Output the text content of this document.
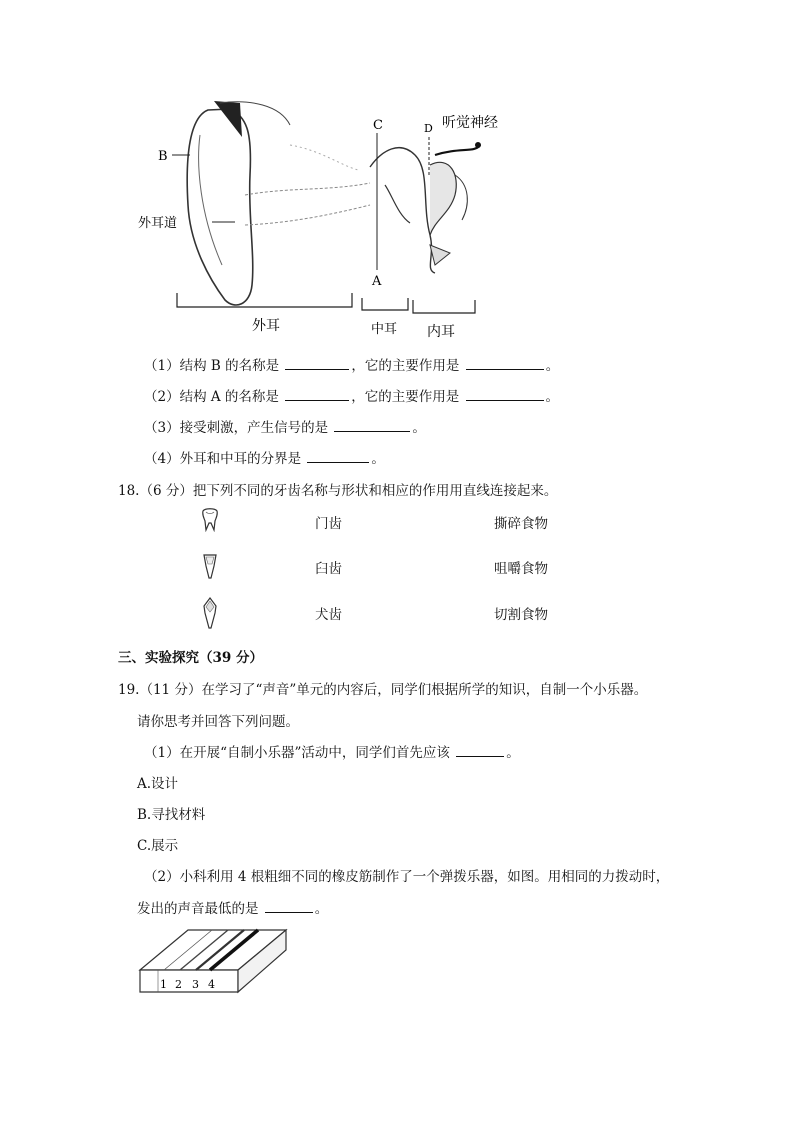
B
外耳道
C	D 听觉神经
A
外耳	中耳 内耳
（1）结构 B 的名称是	，它的主要作用是	。
（2）结构 A 的名称是	，它的主要作用是	。
（3）接受刺激，产生信号的是	。
（4）外耳和中耳的分界是	。
18.（6 分）把下列不同的牙齿名称与形状和相应的作用用直线连接起来。
门齿
臼齿
犬齿
撕碎食物
咀嚼食物
切割食物
三、实验探究（39 分）
19.（11 分）在学习了“声音”单元的内容后，同学们根据所学的知识，自制一个小乐器。
请你思考并回答下列问题。
（1）在开展“自制小乐器”活动中，同学们首先应该	。
A.设计
B.寻找材料
C.展示
（2）小科利用 4 根粗细不同的橡皮筋制作了一个弹拨乐器，如图。用相同的力拨动时，
发出的声音最低的是	。
1 2 3 4
